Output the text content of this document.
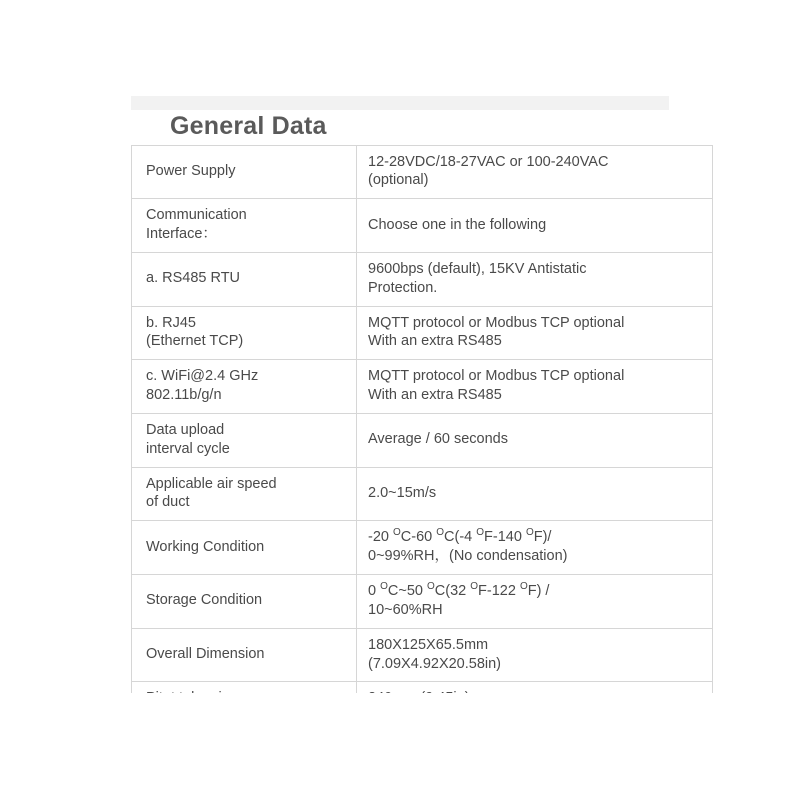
General Data
Power Supply	12-28VDC/18-27VAC or 100-240VAC
(optional)

Communication
Interface：	Choose one in the following

a. RS485 RTU	9600bps (default), 15KV Antistatic
Protection.

b. RJ45
(Ethernet TCP)	MQTT protocol or Modbus TCP optional
With an extra RS485

c. WiFi@2.4 GHz
802.11b/g/n	MQTT protocol or Modbus TCP optional
With an extra RS485

Data upload
interval cycle	Average / 60 seconds

Applicable air speed
of duct	2.0~15m/s

Working Condition	-20 $^O$C-60 $^O$C(-4 $^O$F-140 $^O$F)/
0~99%RH，(No condensation)

Storage Condition	0 $^O$C~50 $^O$C(32 $^O$F-122 $^O$F) /
10~60%RH

Overall Dimension	180X125X65.5mm
(7.09X4.92X20.58in)
